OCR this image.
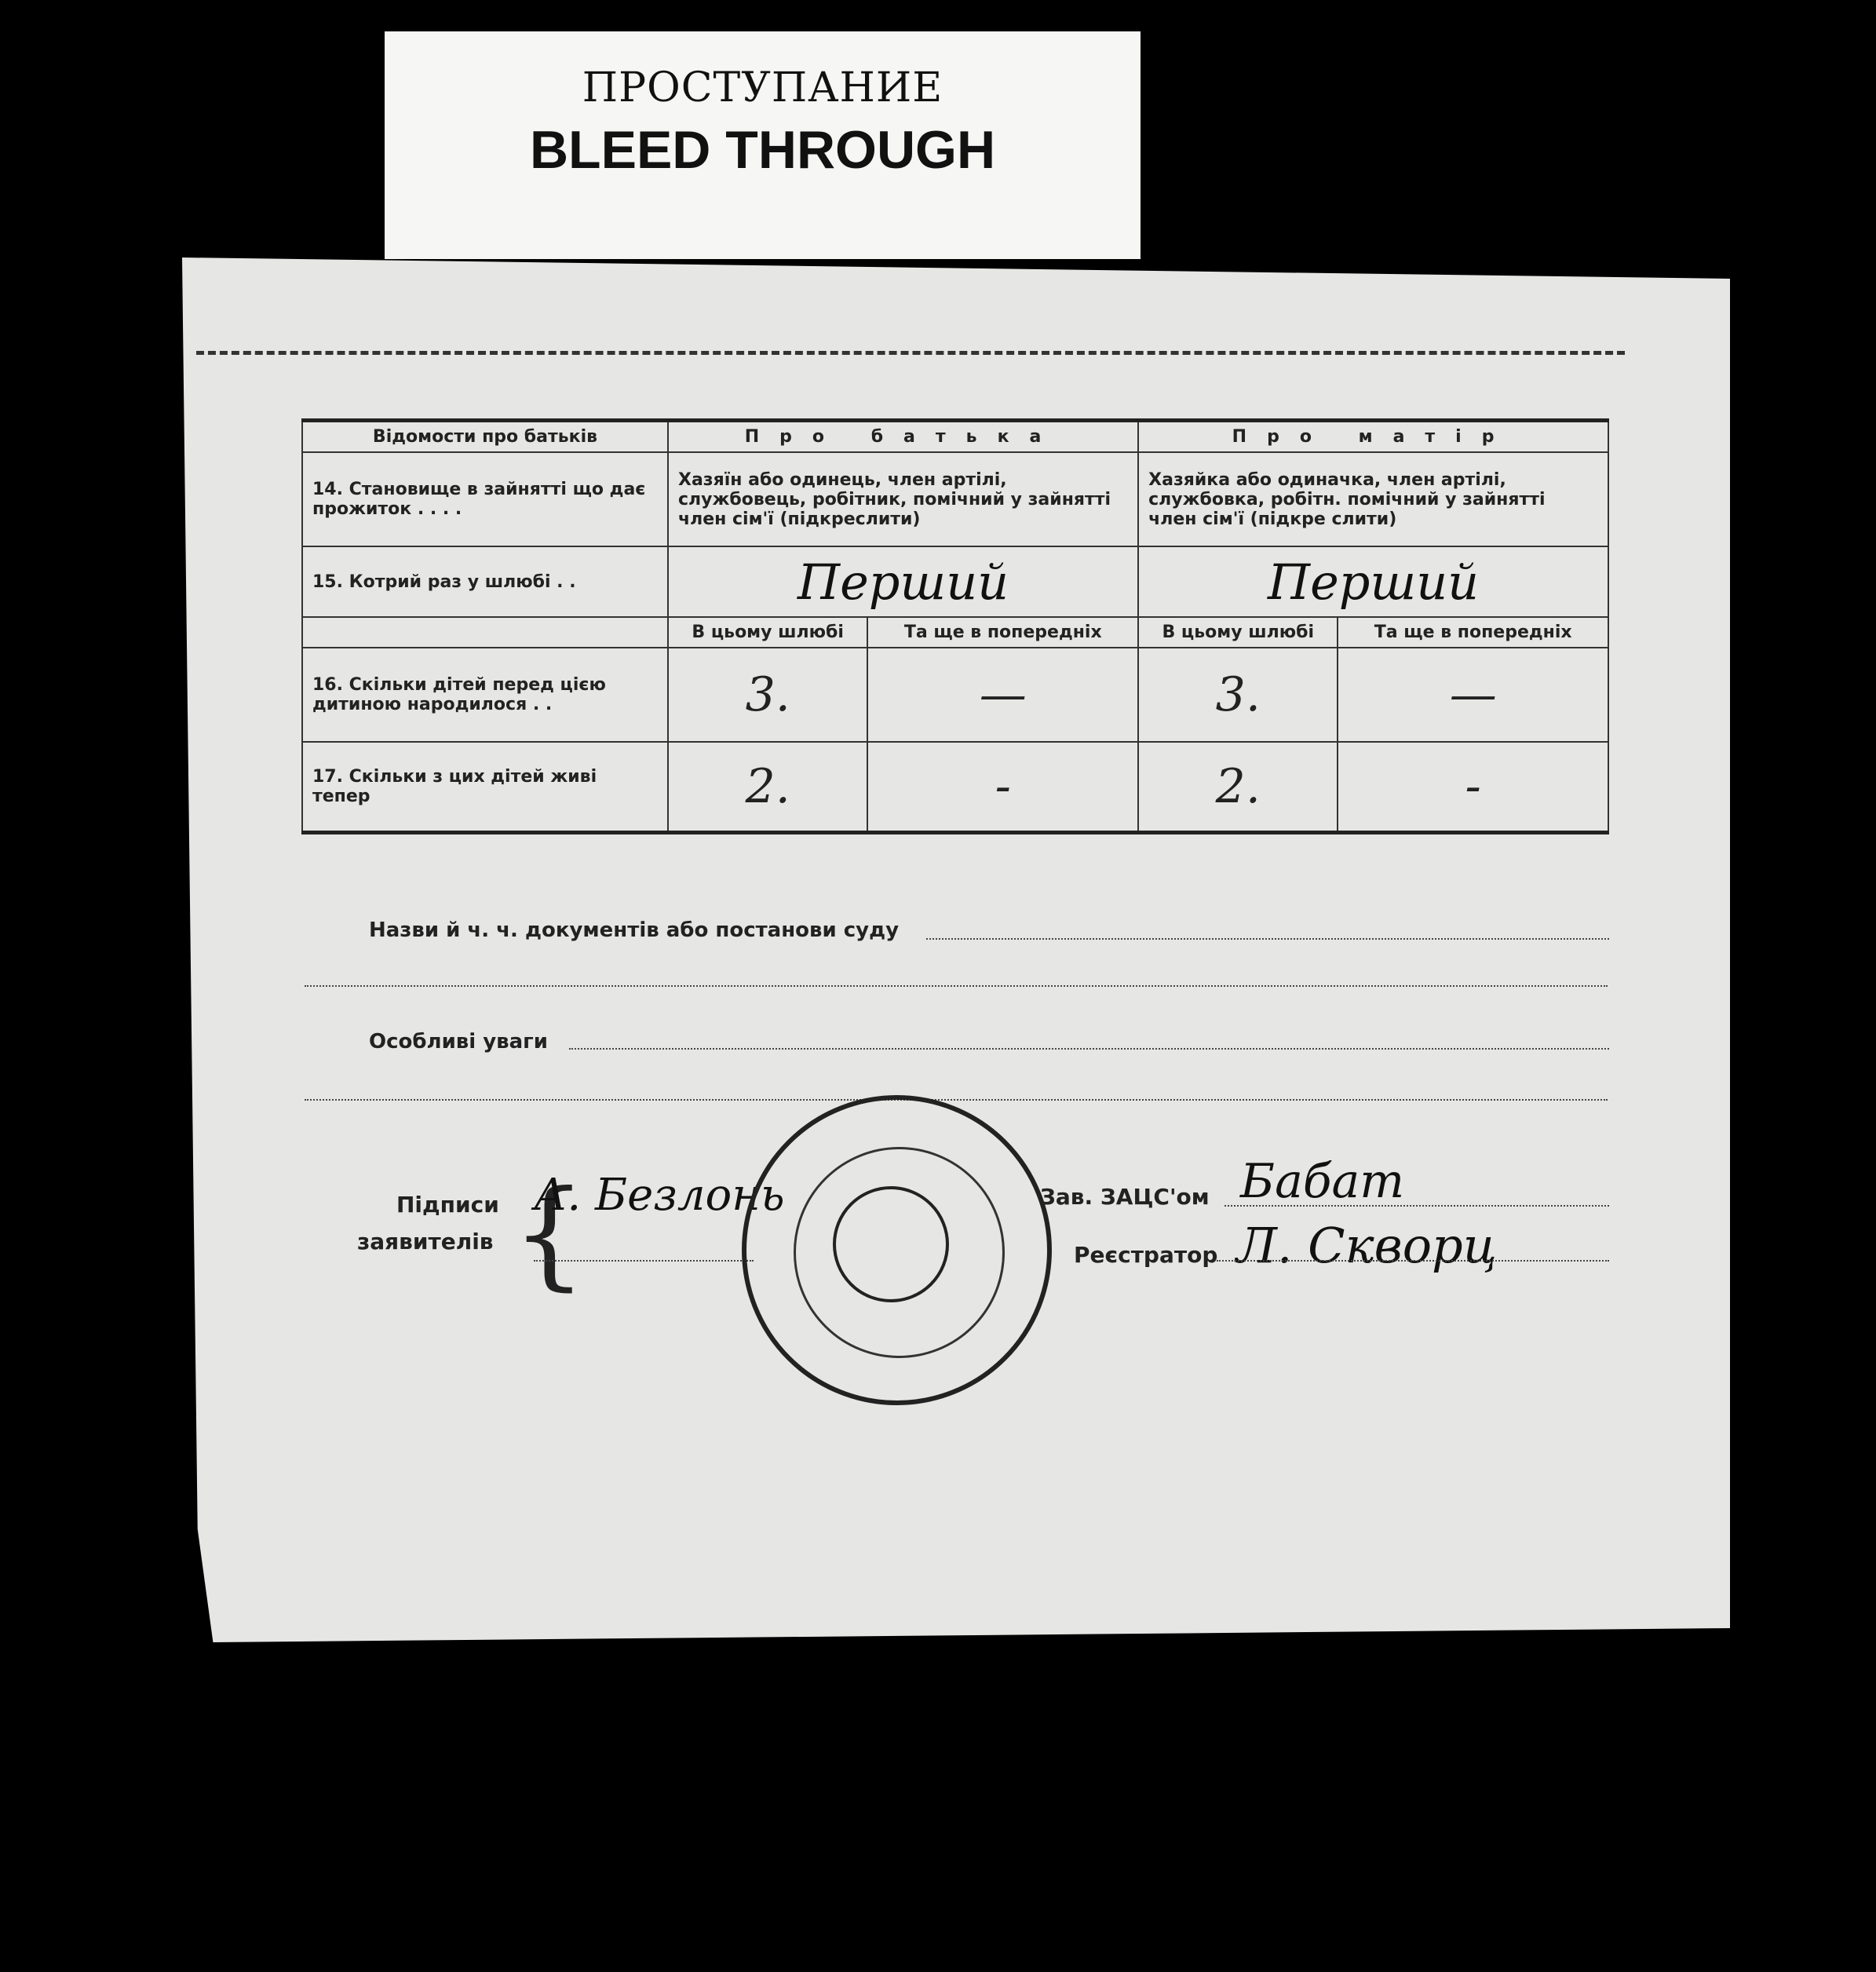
ПРОСТУПАНИЕ
BLEED THROUGH
Відомости про батьків	Про батька		Про матір	
14. Становище в зайнятті що дає прожиток . . . .	Хазяїн або одинець, член артілі, службовець, робітник, помічний у зайнятті член сім'ї (підкреслити)		Хазяйка або одиначка, член артілі, службовка, робітн. помічний у зайнятті член сім'ї (підкре слити)	
15. Котрий раз у шлюбі . .	Перший		Перший	
	В цьому шлюбі	Та ще в попередніх	В цьому шлюбі	Та ще в попередніх
16. Скільки дітей перед цією дитиною народилося . .	3.	—	3.	—
17. Скільки з цих дітей живі тепер	2.	-	2.	-
Назви й ч. ч. документів або постанови суду
Особливі уваги
Підписи
заявителів {
А. Безлонь	Зав. ЗАЦС'ом Бабат
Реєстратор Л. Скворц
